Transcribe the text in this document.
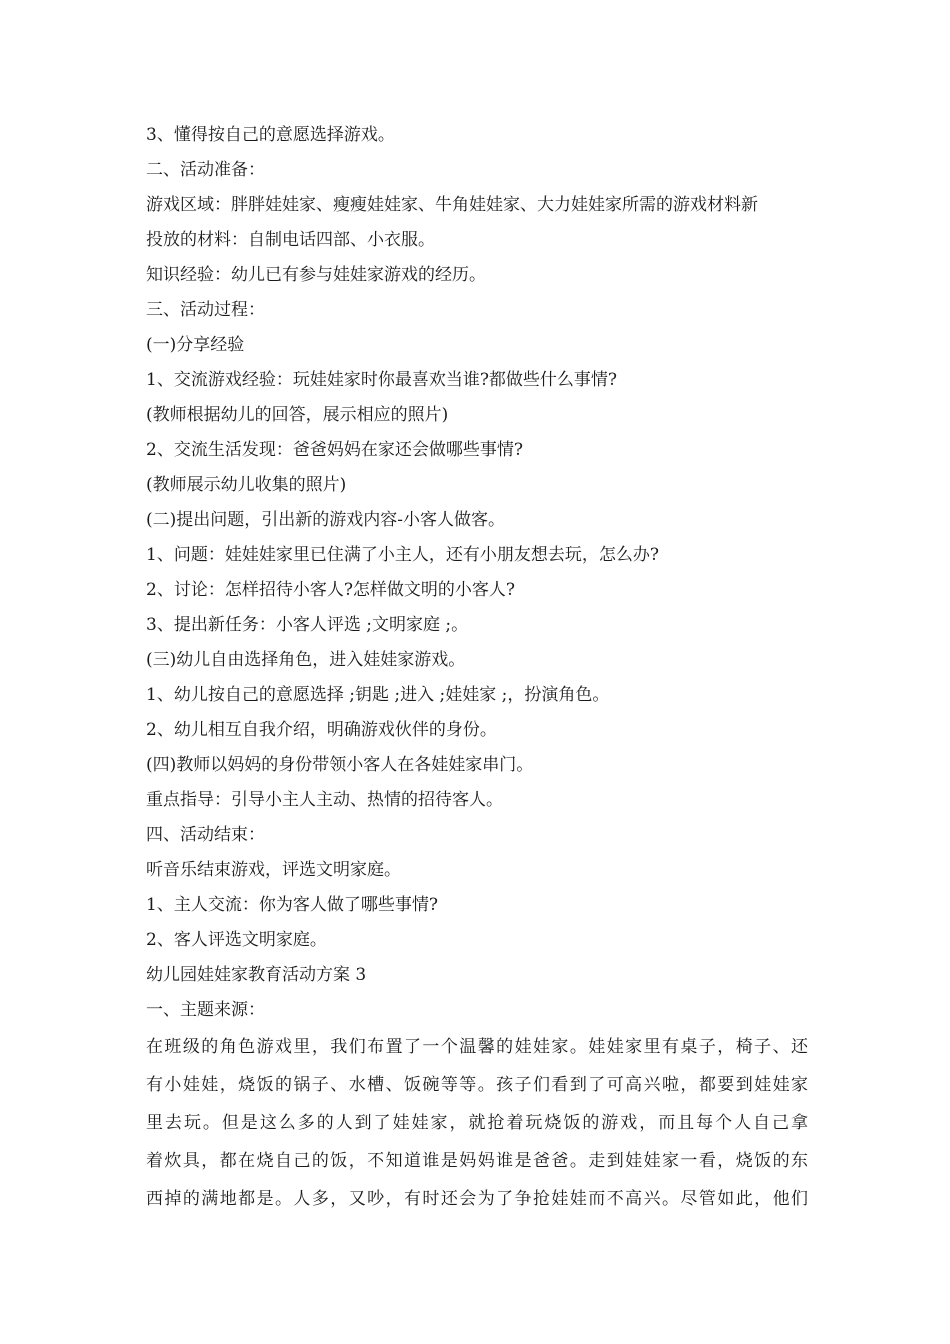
3、懂得按自己的意愿选择游戏。
二、活动准备：
游戏区域：胖胖娃娃家、瘦瘦娃娃家、牛角娃娃家、大力娃娃家所需的游戏材料新
投放的材料：自制电话四部、小衣服。
知识经验：幼儿已有参与娃娃家游戏的经历。
三、活动过程：
(一)分享经验
1、交流游戏经验：玩娃娃家时你最喜欢当谁?都做些什么事情?
(教师根据幼儿的回答，展示相应的照片)
2、交流生活发现：爸爸妈妈在家还会做哪些事情?
(教师展示幼儿收集的照片)
(二)提出问题，引出新的游戏内容-小客人做客。
1、问题：娃娃娃家里已住满了小主人，还有小朋友想去玩，怎么办?
2、讨论：怎样招待小客人?怎样做文明的小客人?
3、提出新任务：小客人评选 ;文明家庭 ;。
(三)幼儿自由选择角色，进入娃娃家游戏。
1、幼儿按自己的意愿选择 ;钥匙 ;进入 ;娃娃家 ;，扮演角色。
2、幼儿相互自我介绍，明确游戏伙伴的身份。
(四)教师以妈妈的身份带领小客人在各娃娃家串门。
重点指导：引导小主人主动、热情的招待客人。
四、活动结束：
听音乐结束游戏，评选文明家庭。
1、主人交流：你为客人做了哪些事情?
2、客人评选文明家庭。
幼儿园娃娃家教育活动方案 3
一、主题来源：
在班级的角色游戏里，我们布置了一个温馨的娃娃家。娃娃家里有桌子，椅子、还
有小娃娃，烧饭的锅子、水槽、饭碗等等。孩子们看到了可高兴啦，都要到娃娃家
里去玩。但是这么多的人到了娃娃家，就抢着玩烧饭的游戏，而且每个人自己拿
着炊具，都在烧自己的饭，不知道谁是妈妈谁是爸爸。走到娃娃家一看，烧饭的东
西掉的满地都是。人多，又吵，有时还会为了争抢娃娃而不高兴。尽管如此，他们
